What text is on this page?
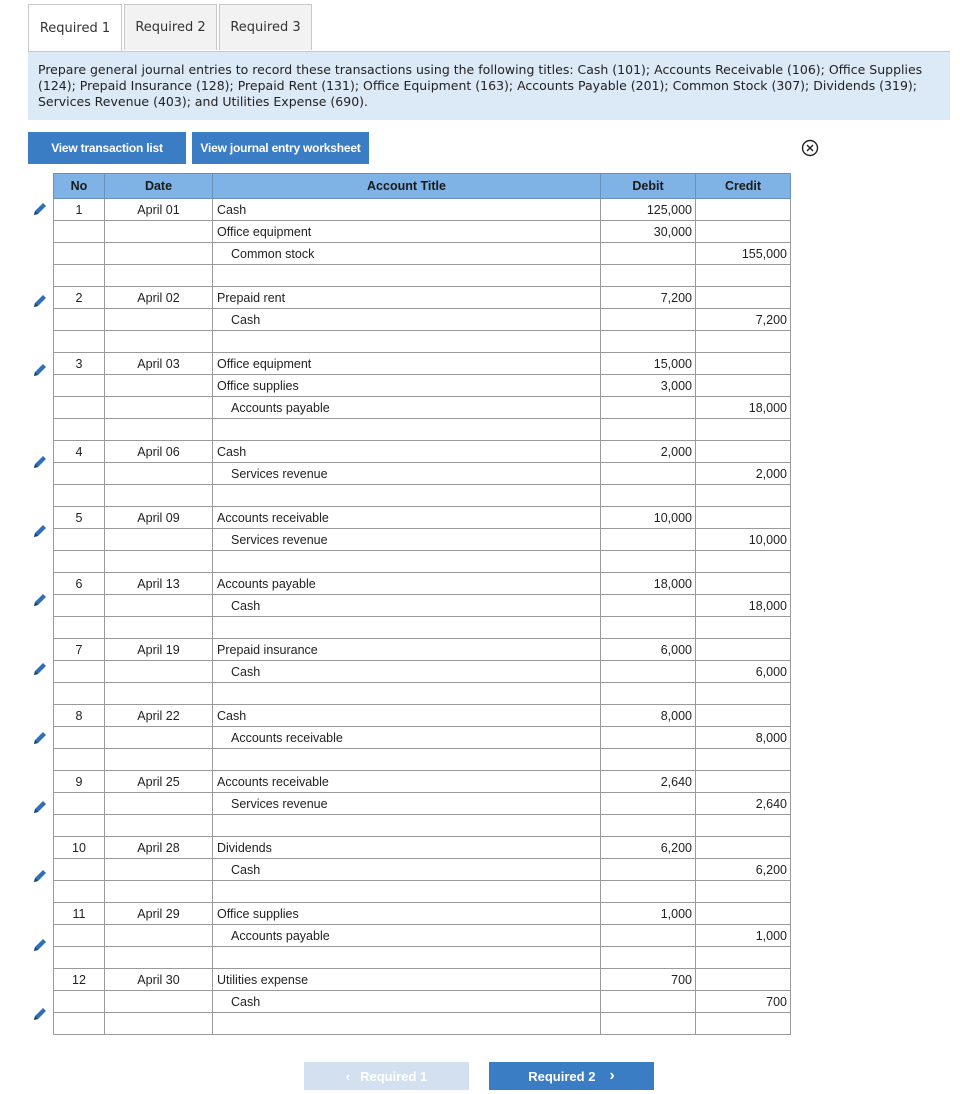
Required 1	Required 2	Required 3
Prepare general journal entries to record these transactions using the following titles: Cash (101); Accounts Receivable (106); Office Supplies (124); Prepaid Insurance (128); Prepaid Rent (131); Office Equipment (163); Accounts Payable (201); Common Stock (307); Dividends (319); Services Revenue (403); and Utilities Expense (690).
View transaction list	View journal entry worksheet
No	Date	Account Title	Debit	Credit
1	April 01	Cash	125,000	
		Office equipment	30,000	
		Common stock		155,000

2	April 02	Prepaid rent	7,200	
		Cash		7,200

3	April 03	Office equipment	15,000	
		Office supplies	3,000	
		Accounts payable		18,000

4	April 06	Cash	2,000	
		Services revenue		2,000

5	April 09	Accounts receivable	10,000	
		Services revenue		10,000

6	April 13	Accounts payable	18,000	
		Cash		18,000

7	April 19	Prepaid insurance	6,000	
		Cash		6,000

8	April 22	Cash	8,000	
		Accounts receivable		8,000

9	April 25	Accounts receivable	2,640	
		Services revenue		2,640

10	April 28	Dividends	6,200	
		Cash		6,200

11	April 29	Office supplies	1,000	
		Accounts payable		1,000

12	April 30	Utilities expense	700	
		Cash		700

‹ Required 1	Required 2 ›
